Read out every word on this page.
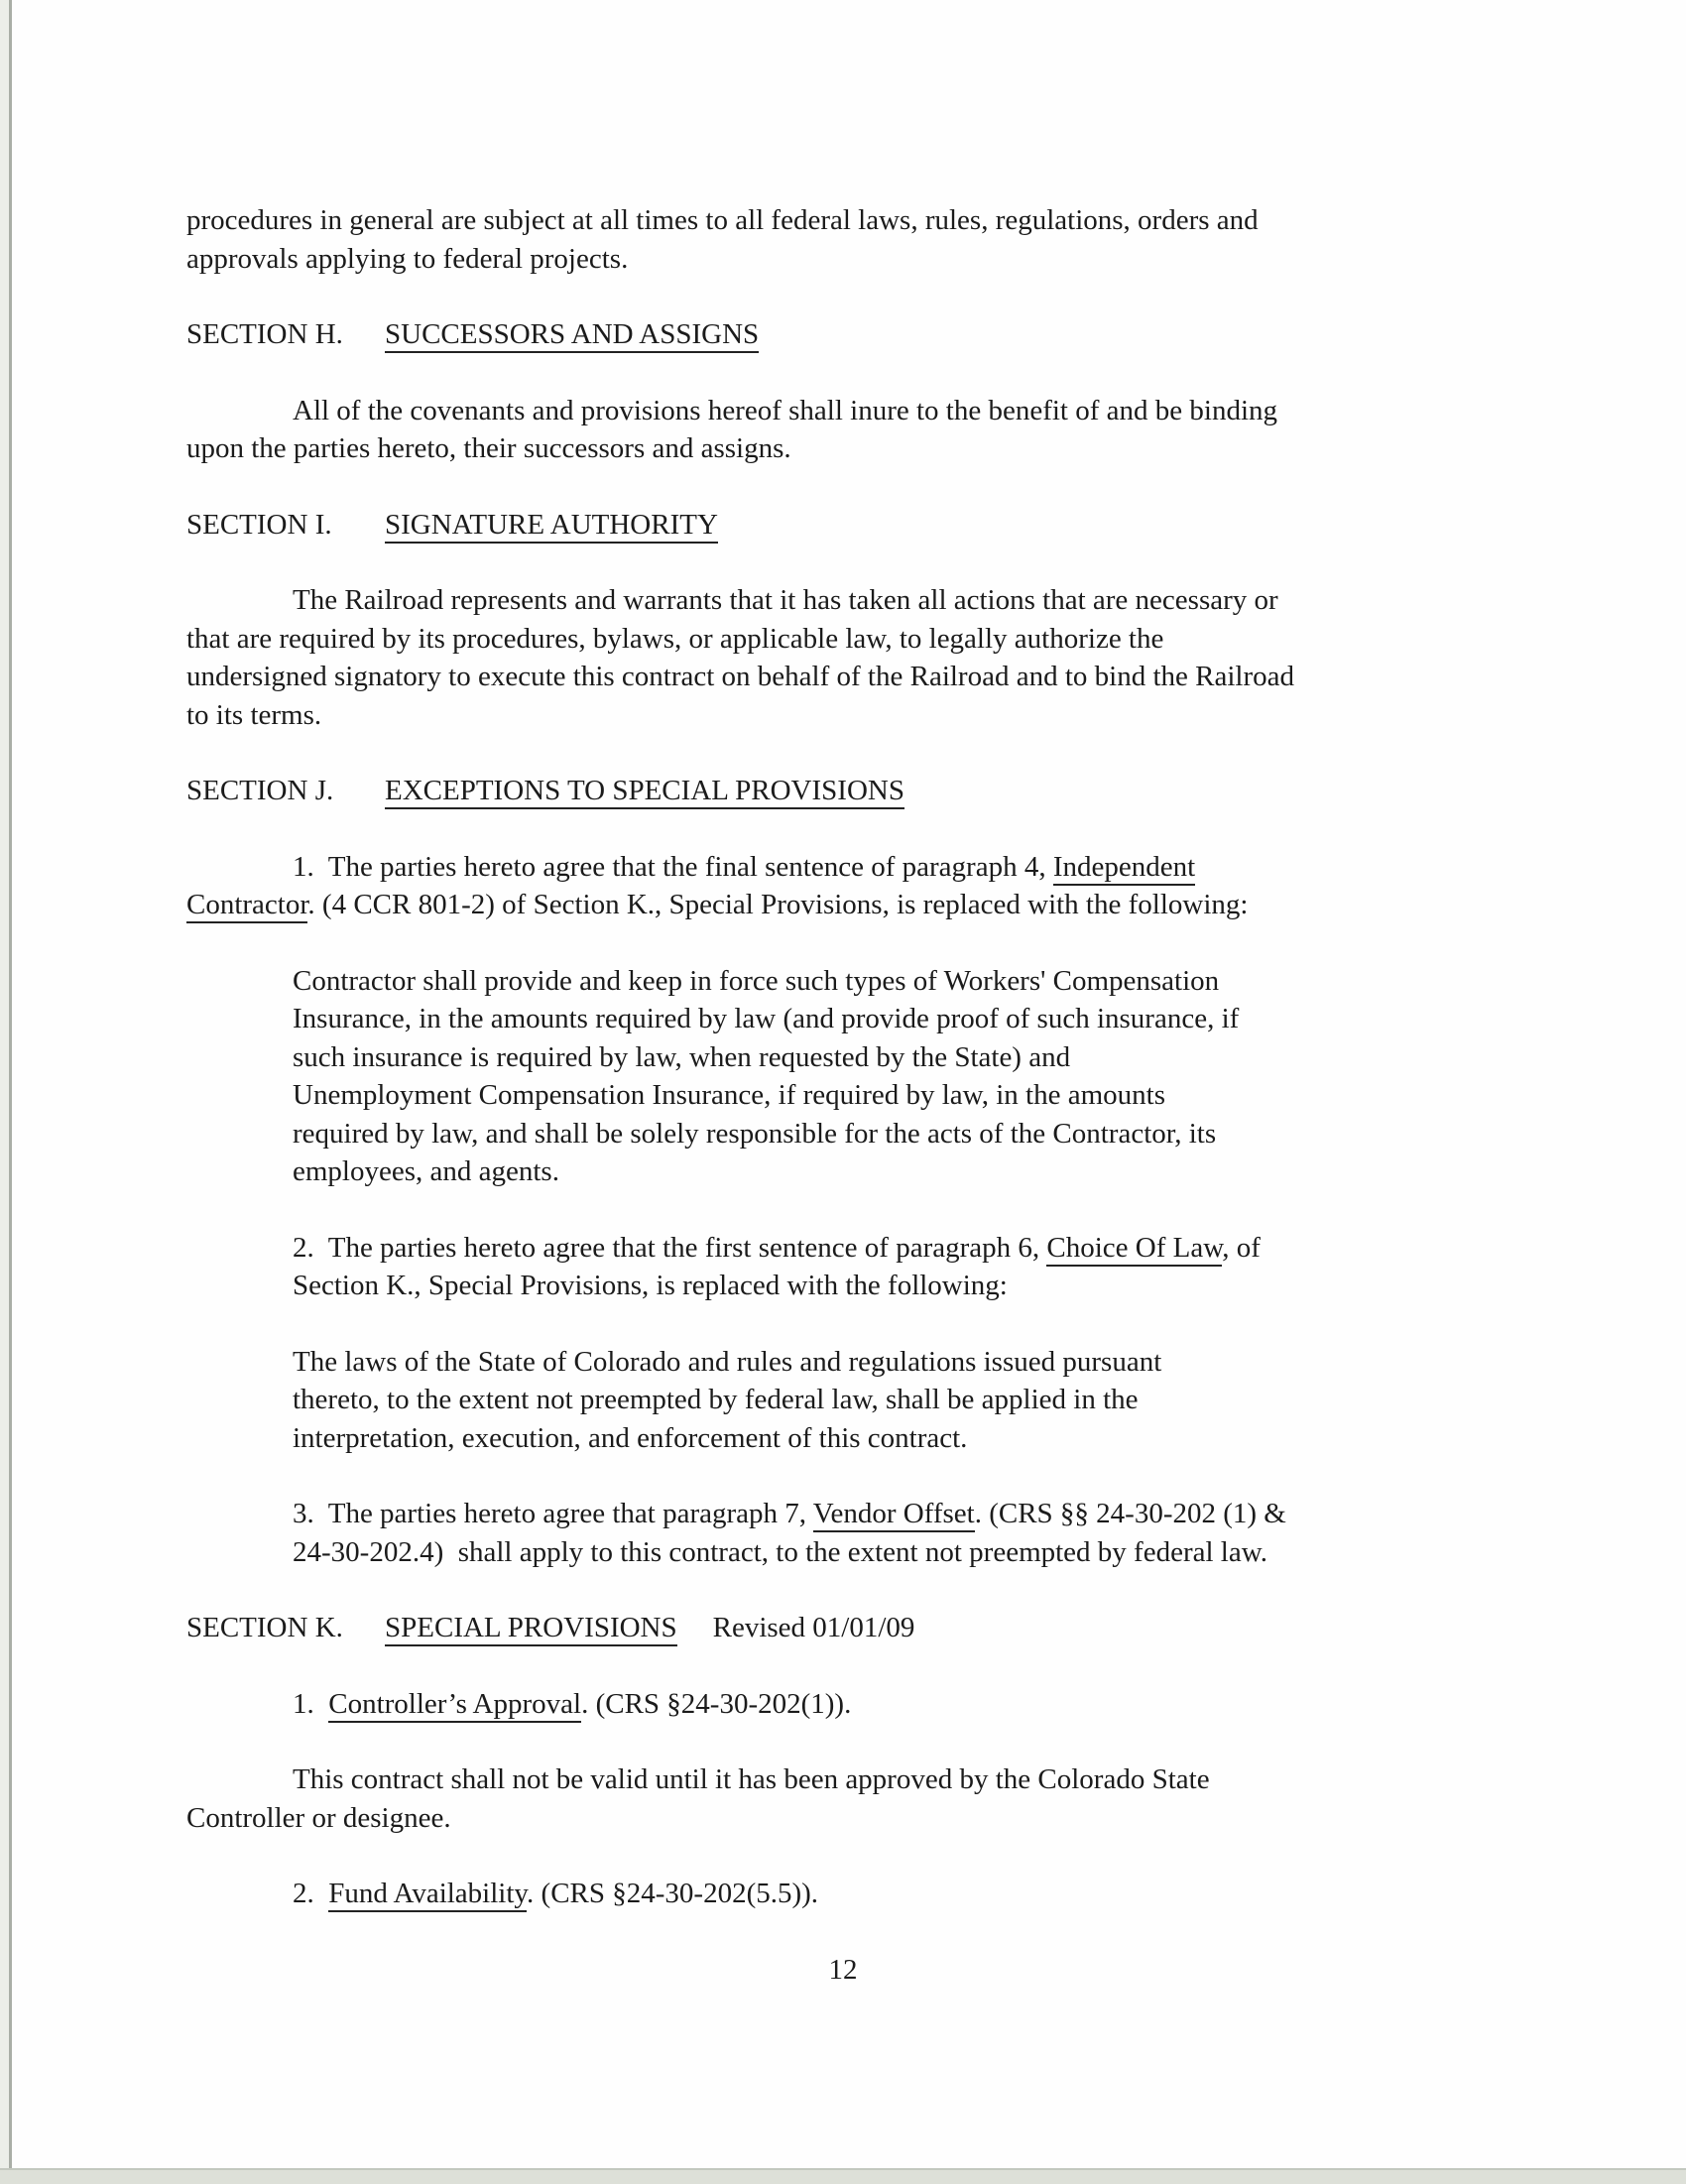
procedures in general are subject at all times to all federal laws, rules, regulations, orders and
approvals applying to federal projects.
SECTION H. SUCCESSORS AND ASSIGNS
All of the covenants and provisions hereof shall inure to the benefit of and be binding
upon the parties hereto, their successors and assigns.
SECTION I. SIGNATURE AUTHORITY
The Railroad represents and warrants that it has taken all actions that are necessary or
that are required by its procedures, bylaws, or applicable law, to legally authorize the
undersigned signatory to execute this contract on behalf of the Railroad and to bind the Railroad
to its terms.
SECTION J. EXCEPTIONS TO SPECIAL PROVISIONS
1.  The parties hereto agree that the final sentence of paragraph 4, Independent
Contractor. (4 CCR 801-2) of Section K., Special Provisions, is replaced with the following:
Contractor shall provide and keep in force such types of Workers' Compensation
Insurance, in the amounts required by law (and provide proof of such insurance, if
such insurance is required by law, when requested by the State) and
Unemployment Compensation Insurance, if required by law, in the amounts
required by law, and shall be solely responsible for the acts of the Contractor, its
employees, and agents.
2.  The parties hereto agree that the first sentence of paragraph 6, Choice Of Law, of
Section K., Special Provisions, is replaced with the following:
The laws of the State of Colorado and rules and regulations issued pursuant
thereto, to the extent not preempted by federal law, shall be applied in the
interpretation, execution, and enforcement of this contract.
3.  The parties hereto agree that paragraph 7, Vendor Offset. (CRS §§ 24-30-202 (1) &
24-30-202.4)  shall apply to this contract, to the extent not preempted by federal law.
SECTION K. SPECIAL PROVISIONS Revised 01/01/09
1.  Controller’s Approval. (CRS §24-30-202(1)).
This contract shall not be valid until it has been approved by the Colorado State
Controller or designee.
2.  Fund Availability. (CRS §24-30-202(5.5)).
12
